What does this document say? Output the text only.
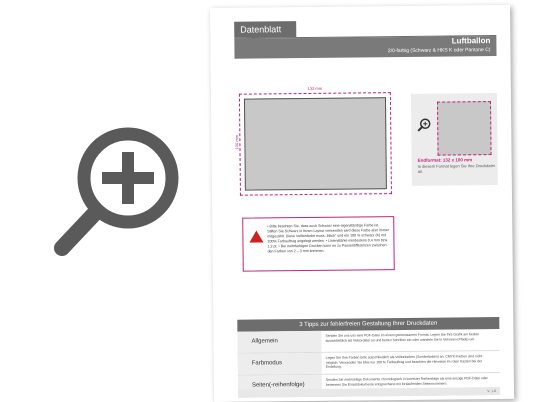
Datenblatt
Luftballon
2/0-farbig (Schwarz & HKS K oder Pantone C)
132 mm
100 mm
• Bitte beachten Sie, dass auch Schwarz eine eigenständige Farbe ist. Stiften Sie Schwarz in Ihrem Layout verwenden wird diese Farbe also immer mitgezählt. Diese Volltonfarbe muss „black“ und ein 100 % schwarz (K) mit 100% Farbauftrag angelegt werden. • Linienstärke mindestens 0,4 mm bzw. 1,2 pt. • Bei mehrfarbigen Drucken kann es zu Passerdifferenzen zwischen den Farben von 2 – 3 mm kommen.
Endformat: 132 x 100 mm
In diesem Format legen Sie Ihre Druckdatei an.
3 Tipps zur fehlerfreien Gestaltung Ihrer Druckdaten
Allgemein
Senden Sie uns uns eine PDF-Datei im einem gemeinsamen Format. Legen Sie Ihre Grafik am besten ausschließlich als Vektordatei an und betten Schriften ein oder wandeln Sie in Vektoren (Pfade) um.
Farbmodus
Legen Sie Ihre Farben bitte ausschließlich als Volltonfarben (Sonderfarben) an. CMYK-Farben sind nicht möglich. Verwenden Sie bitte nur 100 % Farbauftrag und beachten die Hinweise im roten Kasten bei der Erstellung.
Seiten(-reihenfolge)
Senden Sie mehrseitige Dokumente chronologisch in korrekter Reihenfolge als eine einzige PDF-Datei oder benennen Sie Einzeldokumente entsprechend mit fortlaufenden Seitennummern.
V. 1.0
